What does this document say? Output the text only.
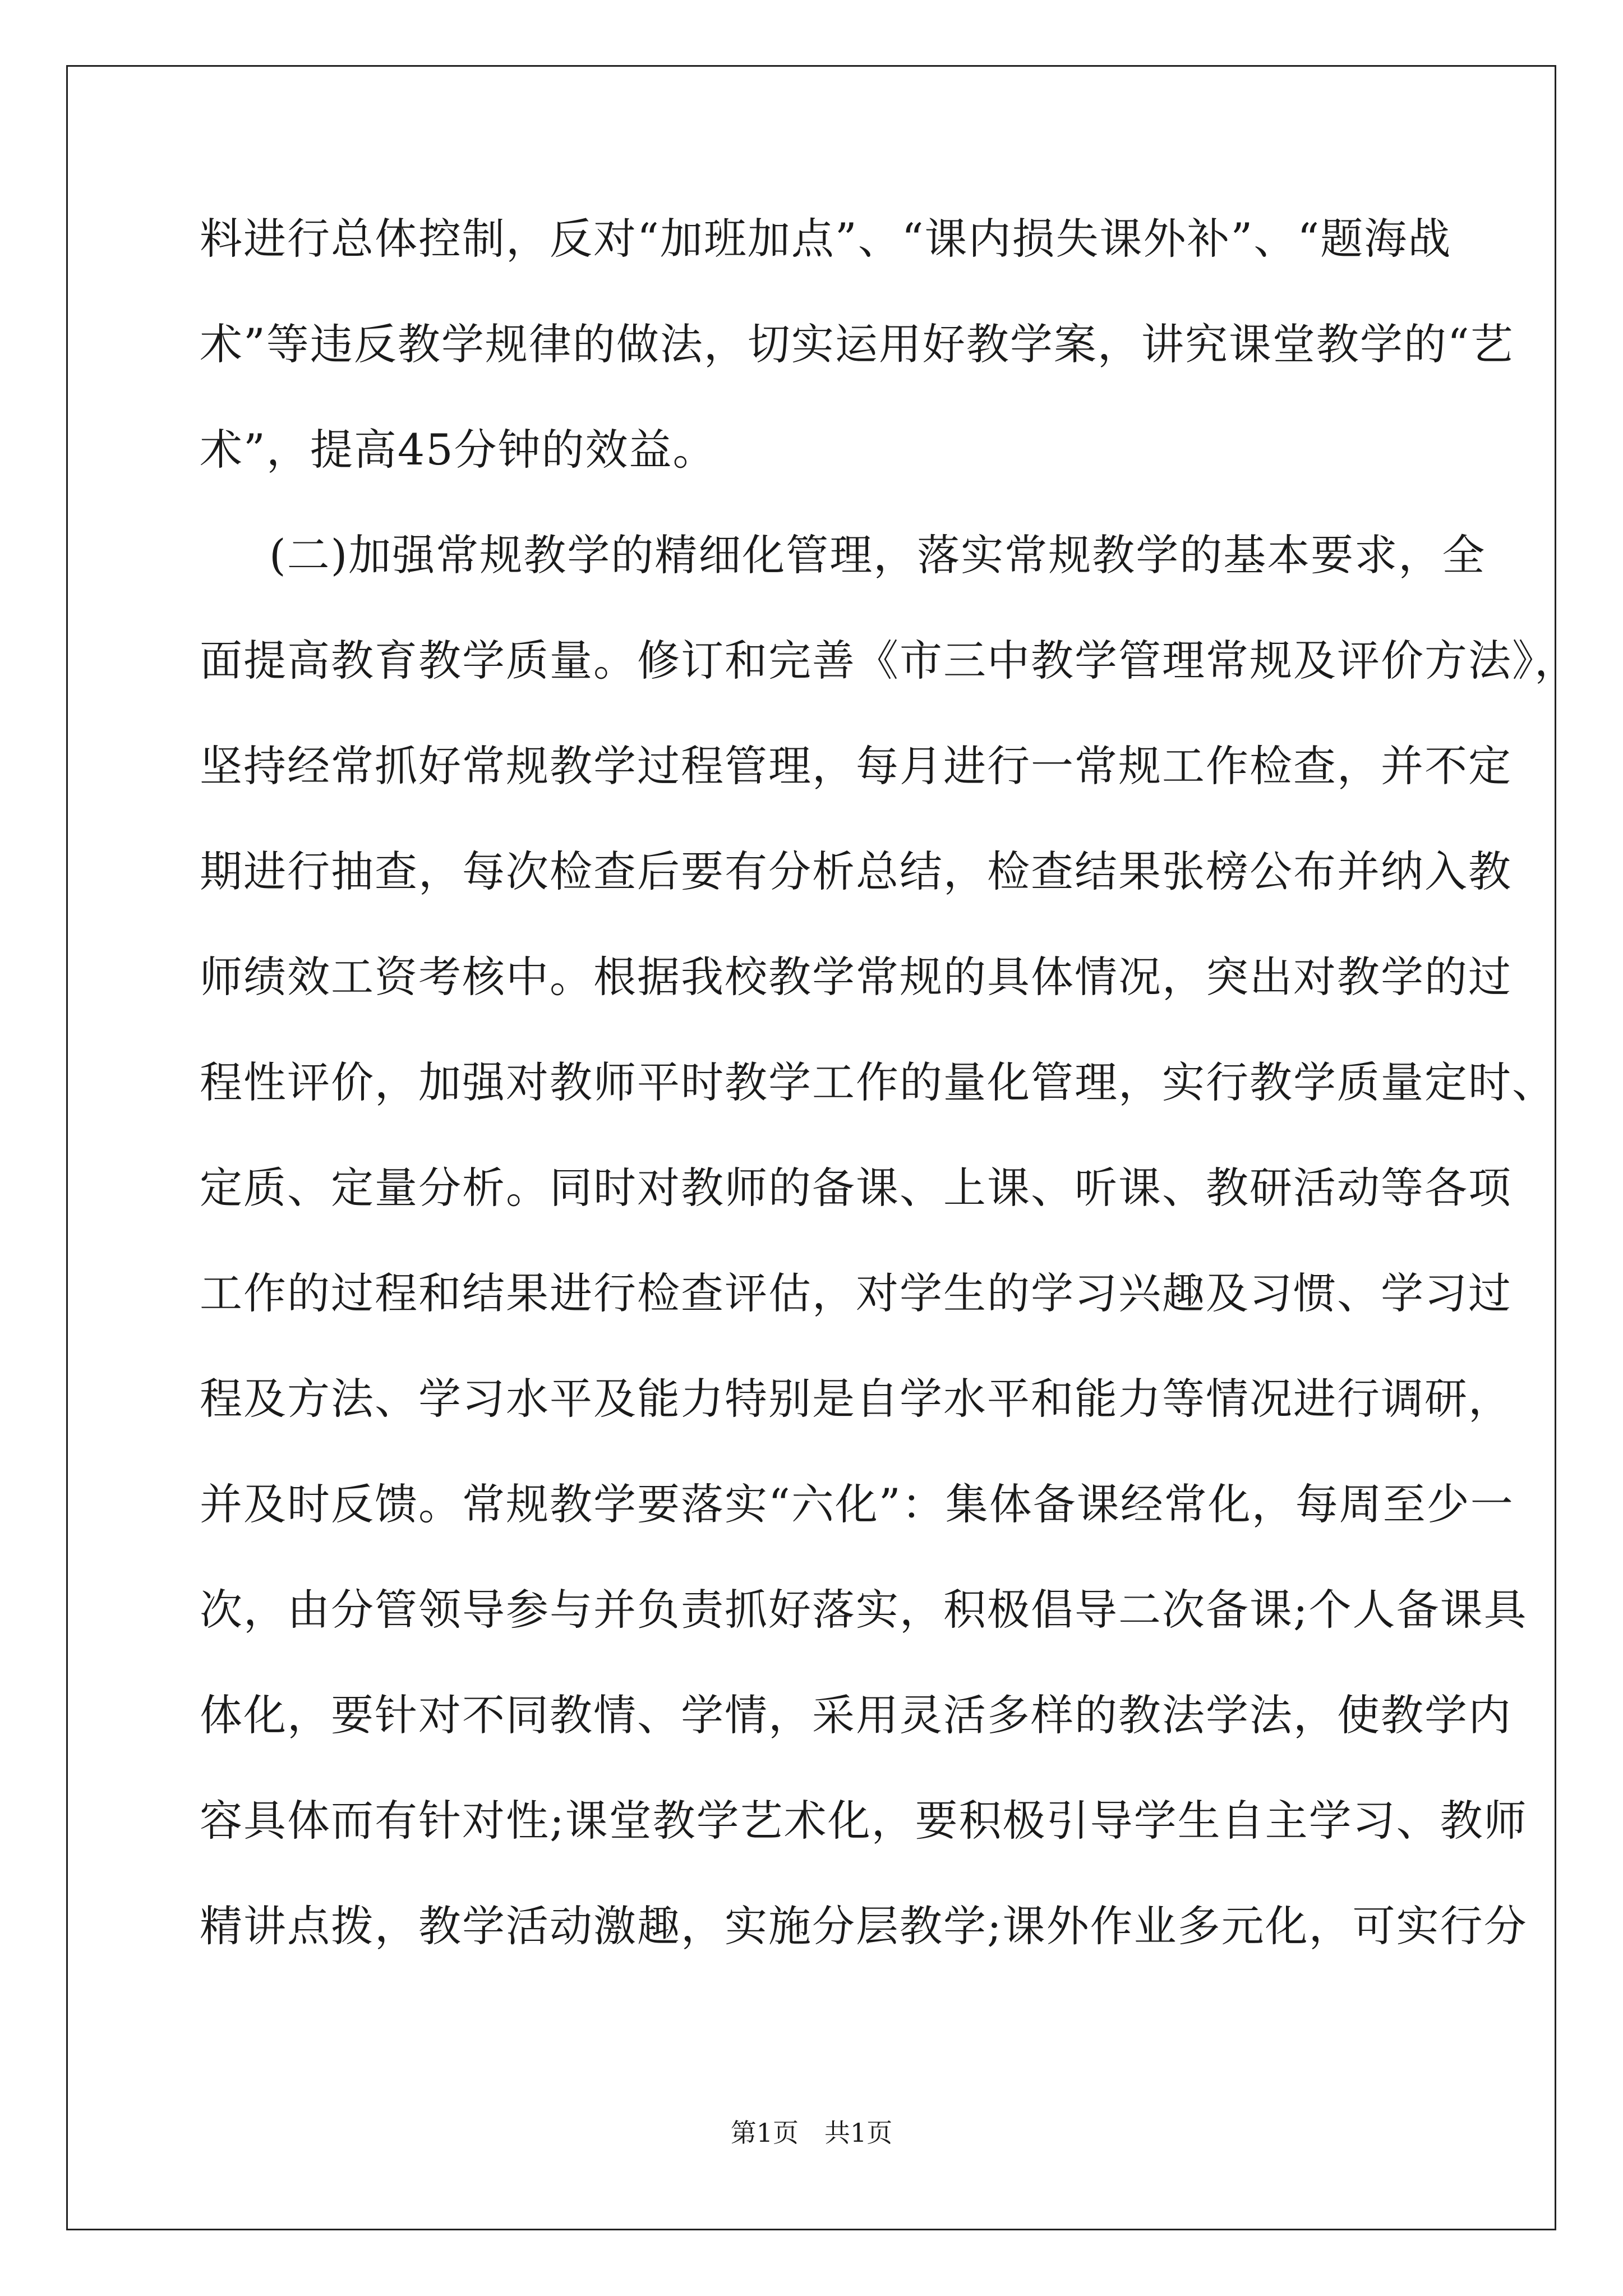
料进行总体控制，反对“加班加点”、“课内损失课外补”、“题海战
术”等违反教学规律的做法，切实运用好教学案，讲究课堂教学的“艺
术”，提高45分钟的效益。
(二)加强常规教学的精细化管理，落实常规教学的基本要求，全
面提高教育教学质量。修订和完善《市三中教学管理常规及评价方法》，
坚持经常抓好常规教学过程管理，每月进行一常规工作检查，并不定
期进行抽查，每次检查后要有分析总结，检查结果张榜公布并纳入教
师绩效工资考核中。根据我校教学常规的具体情况，突出对教学的过
程性评价，加强对教师平时教学工作的量化管理，实行教学质量定时、
定质、定量分析。同时对教师的备课、上课、听课、教研活动等各项
工作的过程和结果进行检查评估，对学生的学习兴趣及习惯、学习过
程及方法、学习水平及能力特别是自学水平和能力等情况进行调研，
并及时反馈。常规教学要落实“六化”：集体备课经常化，每周至少一
次，由分管领导参与并负责抓好落实，积极倡导二次备课;个人备课具
体化，要针对不同教情、学情，采用灵活多样的教法学法，使教学内
容具体而有针对性;课堂教学艺术化，要积极引导学生自主学习、教师
精讲点拨，教学活动激趣，实施分层教学;课外作业多元化，可实行分
第1页　共1页
